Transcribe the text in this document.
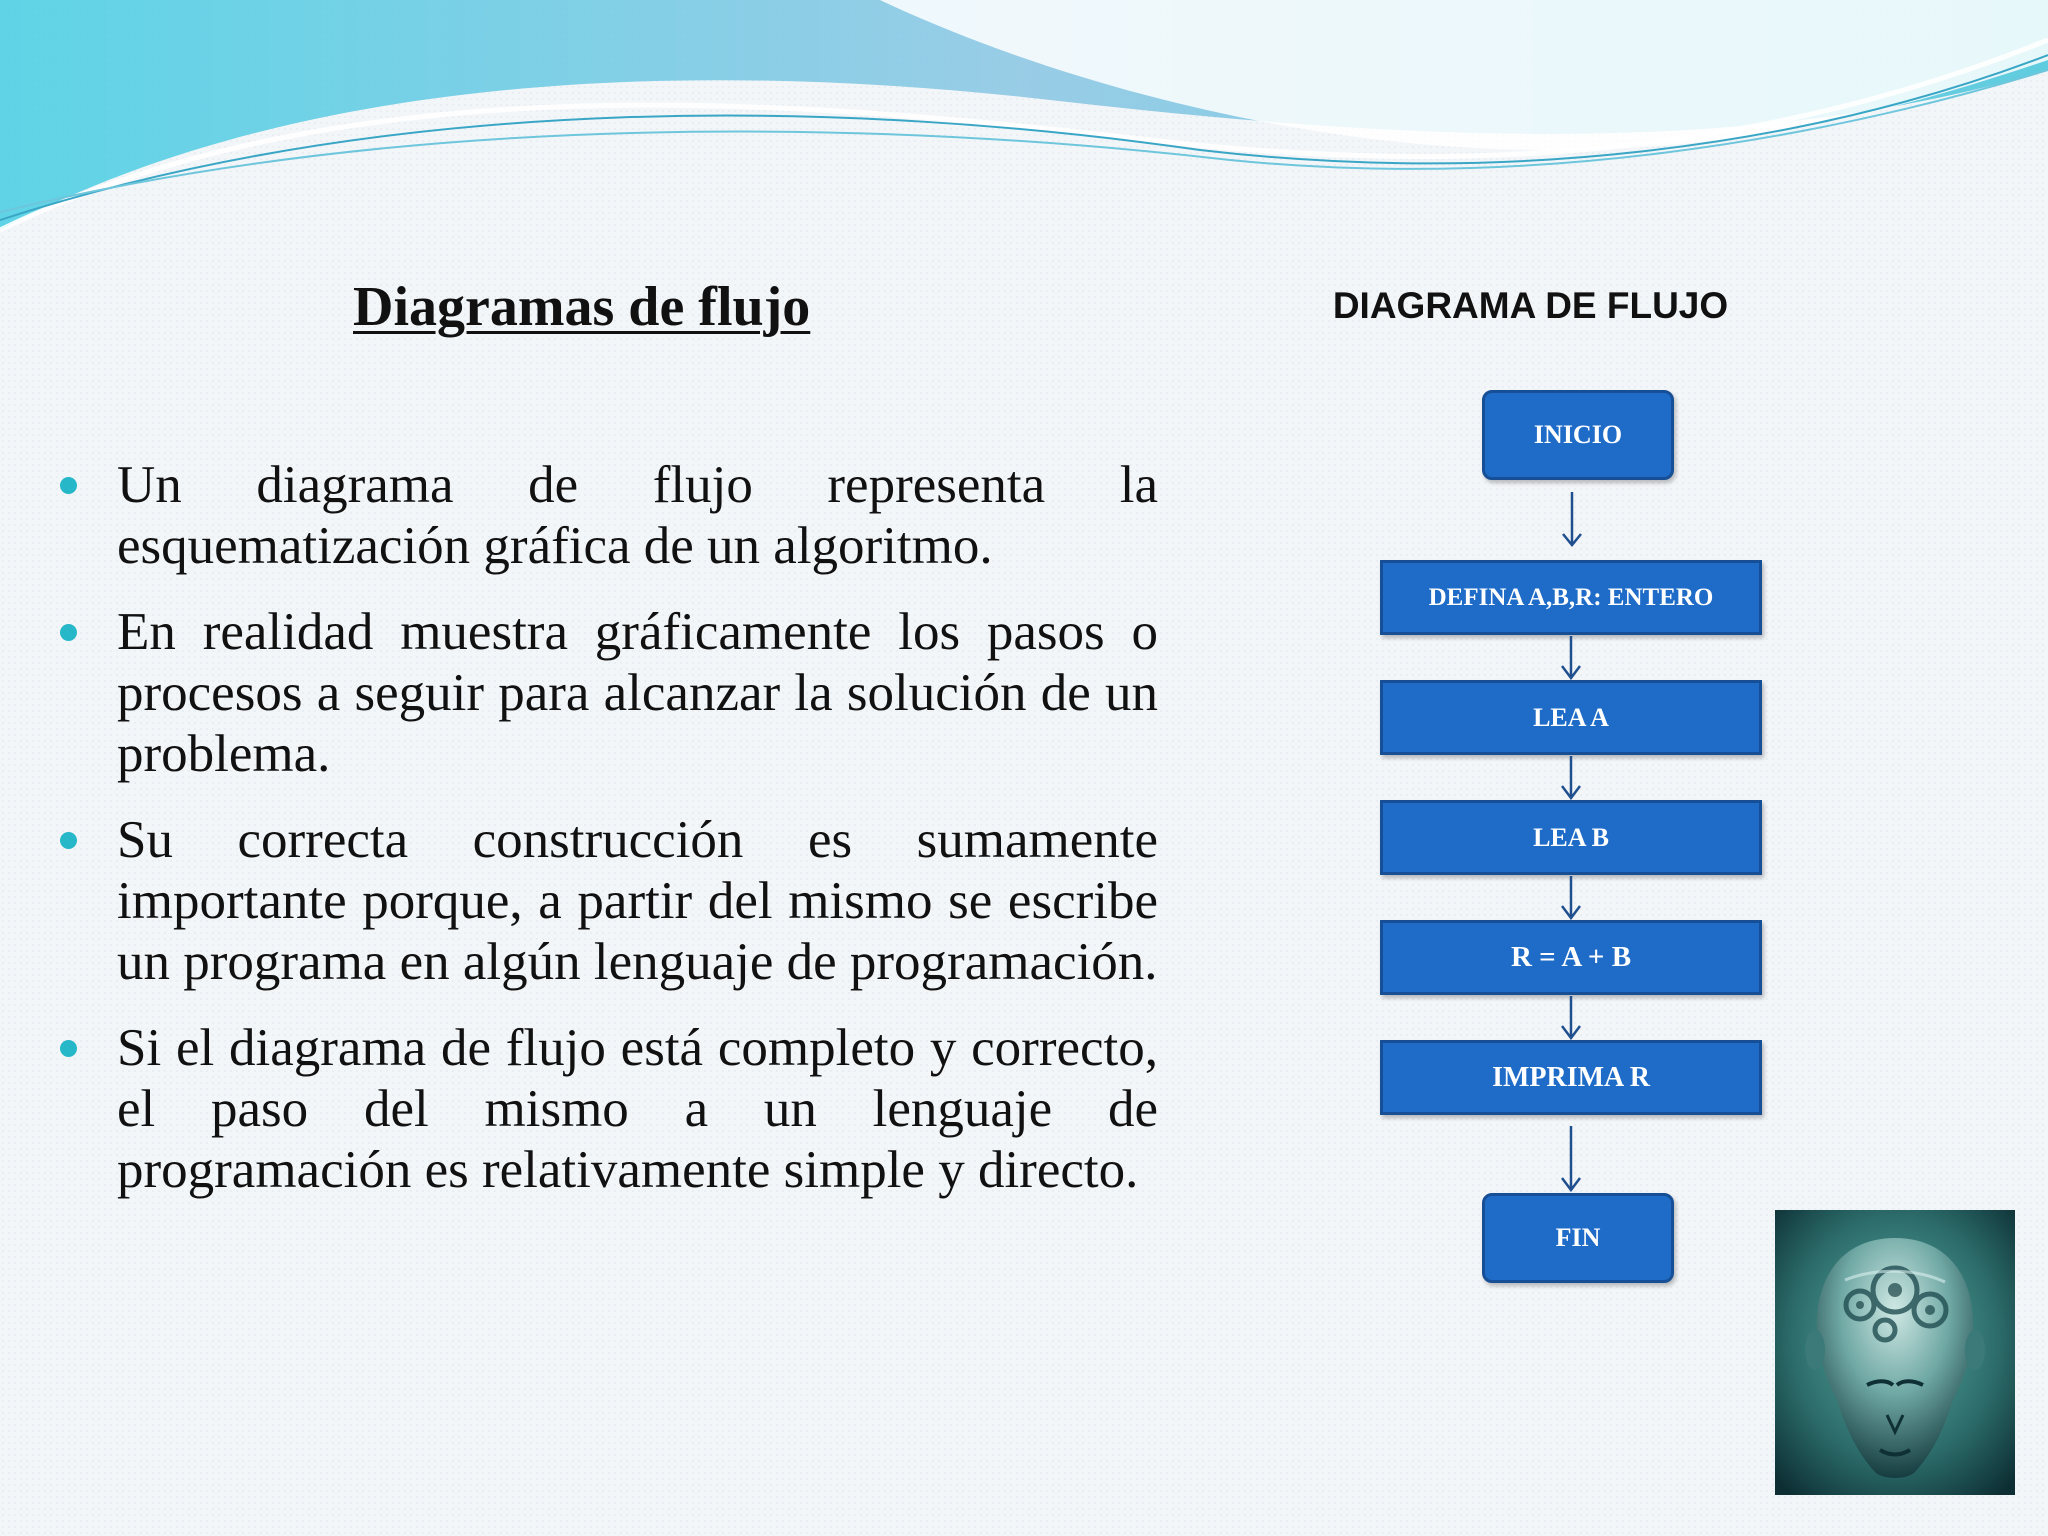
Diagramas de flujo

Un diagrama de flujo representa la esquematización gráfica de un algoritmo.

En realidad muestra gráficamente los pasos o procesos a seguir para alcanzar la solución de un problema.

Su correcta construcción es sumamente importante porque, a partir del mismo se escribe un programa en algún lenguaje de programación.

Si el diagrama de flujo está completo y correcto, el paso del mismo a un lenguaje de programación es relativamente simple y directo.

DIAGRAMA DE FLUJO
INICIO
DEFINA A,B,R: ENTERO
LEA A
LEA B
R = A + B
IMPRIMA R
FIN
